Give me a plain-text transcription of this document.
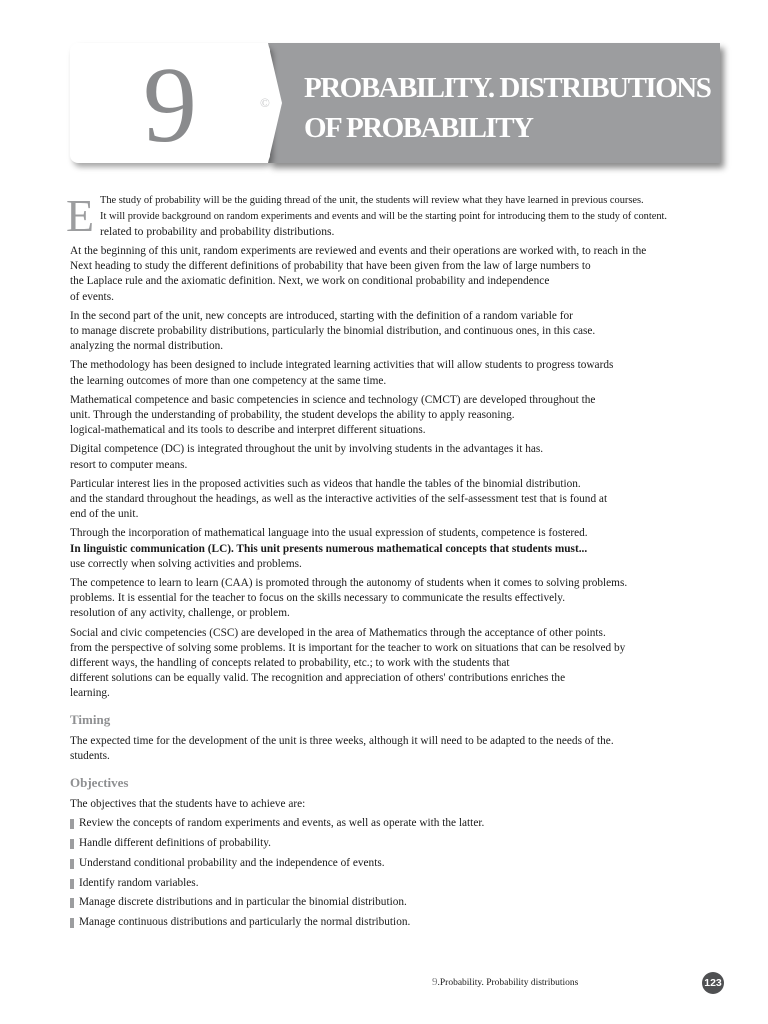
9	© PROBABILITY. DISTRIBUTIONS
OF PROBABILITY
E The study of probability will be the guiding thread of the unit, the students will review what they have learned in previous courses.
It will provide background on random experiments and events and will be the starting point for introducing them to the study of content.
related to probability and probability distributions.
At the beginning of this unit, random experiments are reviewed and events and their operations are worked with, to reach in the
Next heading to study the different definitions of probability that have been given from the law of large numbers to
the Laplace rule and the axiomatic definition. Next, we work on conditional probability and independence
of events.
In the second part of the unit, new concepts are introduced, starting with the definition of a random variable for
to manage discrete probability distributions, particularly the binomial distribution, and continuous ones, in this case.
analyzing the normal distribution.
The methodology has been designed to include integrated learning activities that will allow students to progress towards
the learning outcomes of more than one competency at the same time.
Mathematical competence and basic competencies in science and technology (CMCT) are developed throughout the
unit. Through the understanding of probability, the student develops the ability to apply reasoning.
logical-mathematical and its tools to describe and interpret different situations.
Digital competence (DC) is integrated throughout the unit by involving students in the advantages it has.
resort to computer means.
Particular interest lies in the proposed activities such as videos that handle the tables of the binomial distribution.
and the standard throughout the headings, as well as the interactive activities of the self-assessment test that is found at
end of the unit.
Through the incorporation of mathematical language into the usual expression of students, competence is fostered.
In linguistic communication (LC). This unit presents numerous mathematical concepts that students must...
use correctly when solving activities and problems.
The competence to learn to learn (CAA) is promoted through the autonomy of students when it comes to solving problems.
problems. It is essential for the teacher to focus on the skills necessary to communicate the results effectively.
resolution of any activity, challenge, or problem.
Social and civic competencies (CSC) are developed in the area of Mathematics through the acceptance of other points.
from the perspective of solving some problems. It is important for the teacher to work on situations that can be resolved by
different ways, the handling of concepts related to probability, etc.; to work with the students that
different solutions can be equally valid. The recognition and appreciation of others' contributions enriches the
learning.
Timing
The expected time for the development of the unit is three weeks, although it will need to be adapted to the needs of the.
students.
Objectives
The objectives that the students have to achieve are:
Review the concepts of random experiments and events, as well as operate with the latter.
Handle different definitions of probability.
Understand conditional probability and the independence of events.
Identify random variables.
Manage discrete distributions and in particular the binomial distribution.
Manage continuous distributions and particularly the normal distribution.
9.Probability. Probability distributions	123
